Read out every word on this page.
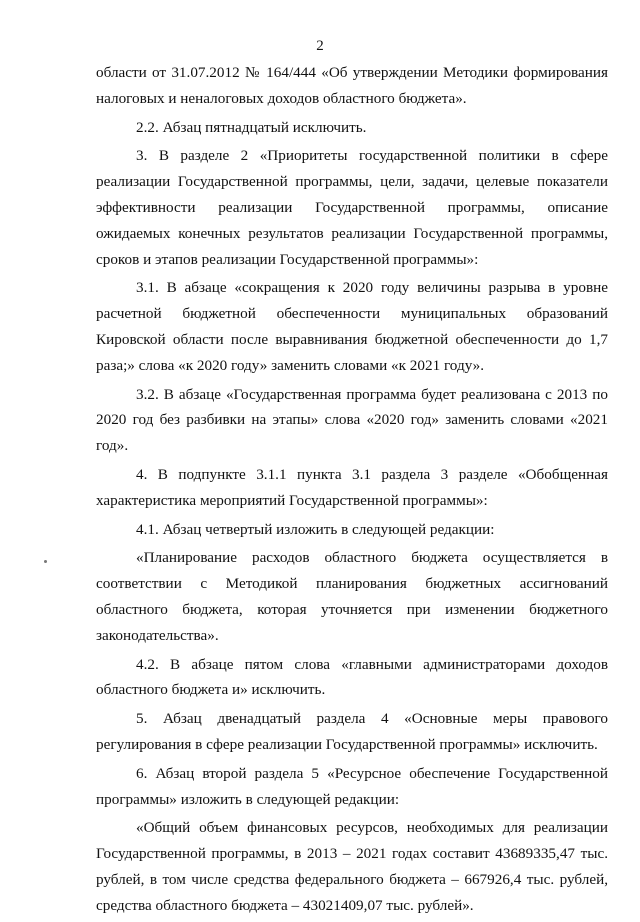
2

области от 31.07.2012 № 164/444 «Об утверждении Методики формирования налоговых и неналоговых доходов областного бюджета».

2.2. Абзац пятнадцатый исключить.

3. В разделе 2 «Приоритеты государственной политики в сфере реализации Государственной программы, цели, задачи, целевые показатели эффективности реализации Государственной программы, описание ожидаемых конечных результатов реализации Государственной программы, сроков и этапов реализации Государственной программы»:

3.1. В абзаце «сокращения к 2020 году величины разрыва в уровне расчетной бюджетной обеспеченности муниципальных образований Кировской области после выравнивания бюджетной обеспеченности до 1,7 раза;» слова «к 2020 году» заменить словами «к 2021 году».

3.2. В абзаце «Государственная программа будет реализована с 2013 по 2020 год без разбивки на этапы» слова «2020 год» заменить словами «2021 год».

4. В подпункте 3.1.1 пункта 3.1 раздела 3 разделе «Обобщенная характеристика мероприятий Государственной программы»:

4.1. Абзац четвертый изложить в следующей редакции:

«Планирование расходов областного бюджета осуществляется в соответствии с Методикой планирования бюджетных ассигнований областного бюджета, которая уточняется при изменении бюджетного законодательства».

4.2. В абзаце пятом слова «главными администраторами доходов областного бюджета и» исключить.

5. Абзац двенадцатый раздела 4 «Основные меры правового регулирования в сфере реализации Государственной программы» исключить.

6. Абзац второй раздела 5 «Ресурсное обеспечение Государственной программы» изложить в следующей редакции:

«Общий объем финансовых ресурсов, необходимых для реализации Государственной программы, в 2013 – 2021 годах составит 43689335,47 тыс. рублей, в том числе средства федерального бюджета – 667926,4 тыс. рублей, средства областного бюджета – 43021409,07 тыс. рублей».
